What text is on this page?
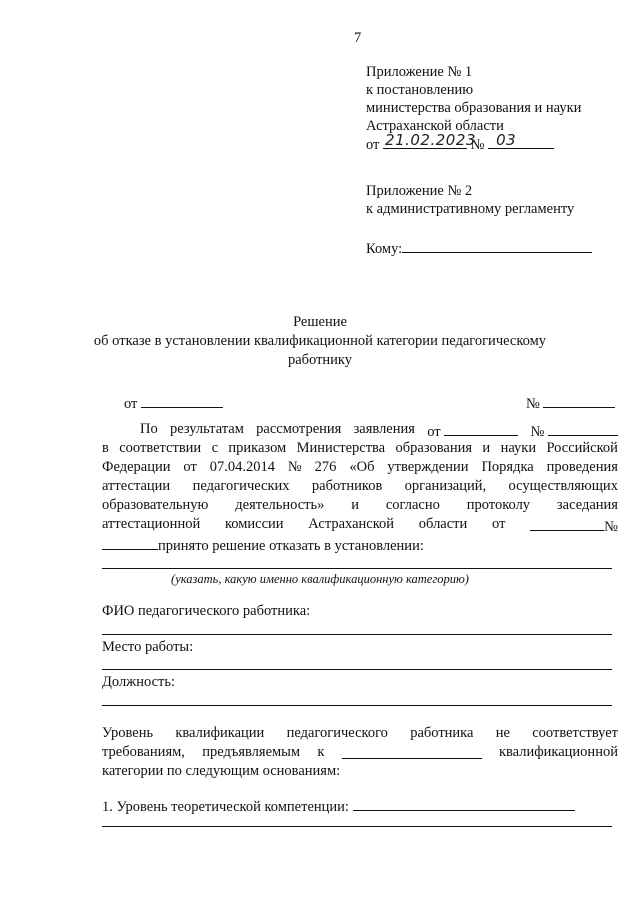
7
Приложение № 1
к постановлению
министерства образования и науки
Астраханской области
от 21.02.2023
№ 03
Приложение № 2
к административному регламенту
Кому:
Решение
об отказе в установлении квалификационной категории педагогическому
работнику
от	№
По результатам рассмотрения заявления от	№
в соответствии с приказом Министерства образования и науки Российской
Федерации от 07.04.2014 № 276 «Об утверждении Порядка проведения
аттестации педагогических работников организаций, осуществляющих
образовательную деятельность» и согласно протоколу заседания
аттестационной комиссии Астраханской области от	№
принято решение отказать в установлении:
(указать, какую именно квалификационную категорию)
ФИО педагогического работника:
Место работы:
Должность:
Уровень квалификации педагогического работника не соответствует
требованиям, предъявляемым к	квалификационной
категории по следующим основаниям:
1. Уровень теоретической компетенции:
